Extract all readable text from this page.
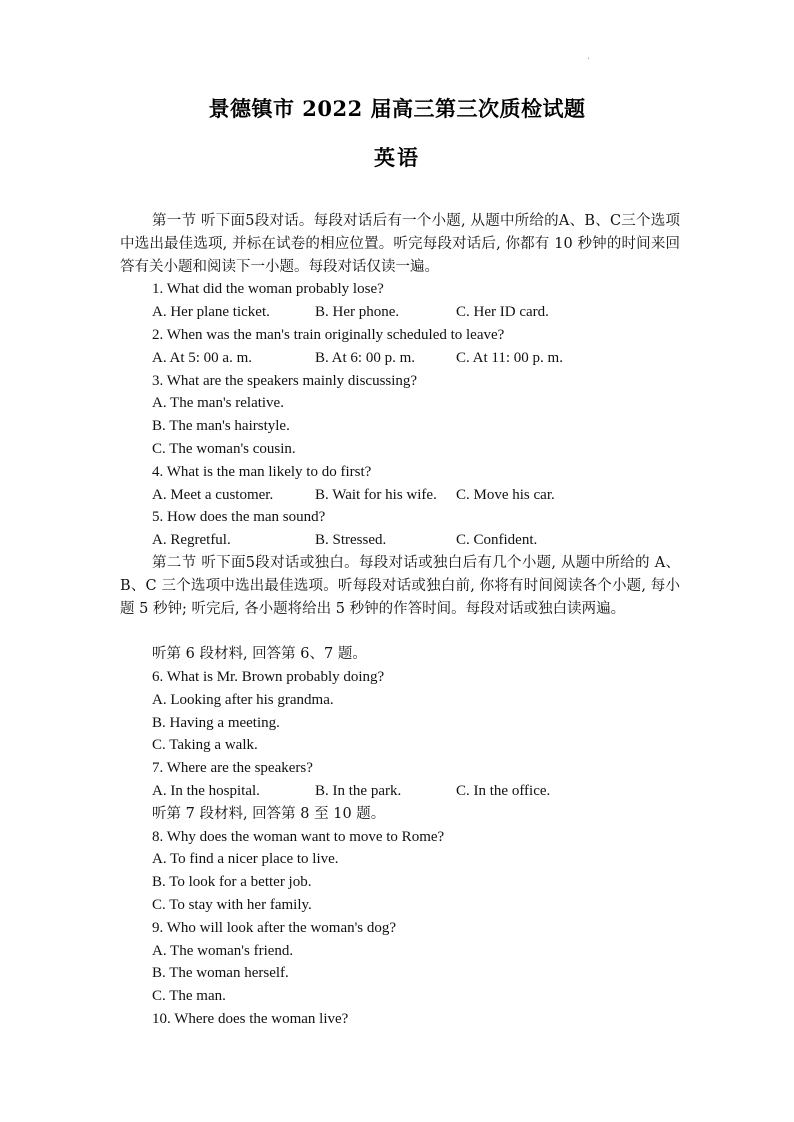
'
景德镇市 2022 届高三第三次质检试题
英语

第一节 听下面5段对话。每段对话后有一个小题, 从题中所给的A、B、C三个选项中选出最佳选项, 并标在试卷的相应位置。听完每段对话后, 你都有 10 秒钟的时间来回答有关小题和阅读下一小题。每段对话仅读一遍。

1. What did the woman probably lose?
A. Her plane ticket.	B. Her phone.	C. Her ID card.
2. When was the man's train originally scheduled to leave?
A. At 5: 00 a. m.	B. At 6: 00 p. m.	C. At 11: 00 p. m.
3. What are the speakers mainly discussing?
A. The man's relative.
B. The man's hairstyle.
C. The woman's cousin.
4. What is the man likely to do first?
A. Meet a customer.	B. Wait for his wife. C. Move his car.
5. How does the man sound?
A. Regretful.	B. Stressed.	C. Confident.

第二节 听下面5段对话或独白。每段对话或独白后有几个小题, 从题中所给的 A、B、C 三个选项中选出最佳选项。听每段对话或独白前, 你将有时间阅读各个小题, 每小题 5 秒钟; 听完后, 各小题将给出 5 秒钟的作答时间。每段对话或独白读两遍。

听第 6 段材料, 回答第 6、7 题。
6. What is Mr. Brown probably doing?
A. Looking after his grandma.
B. Having a meeting.
C. Taking a walk.
7. Where are the speakers?
A. In the hospital.	B. In the park.	C. In the office.
听第 7 段材料, 回答第 8 至 10 题。
8. Why does the woman want to move to Rome?
A. To find a nicer place to live.
B. To look for a better job.
C. To stay with her family.
9. Who will look after the woman's dog?
A. The woman's friend.
B. The woman herself.
C. The man.
10. Where does the woman live?
